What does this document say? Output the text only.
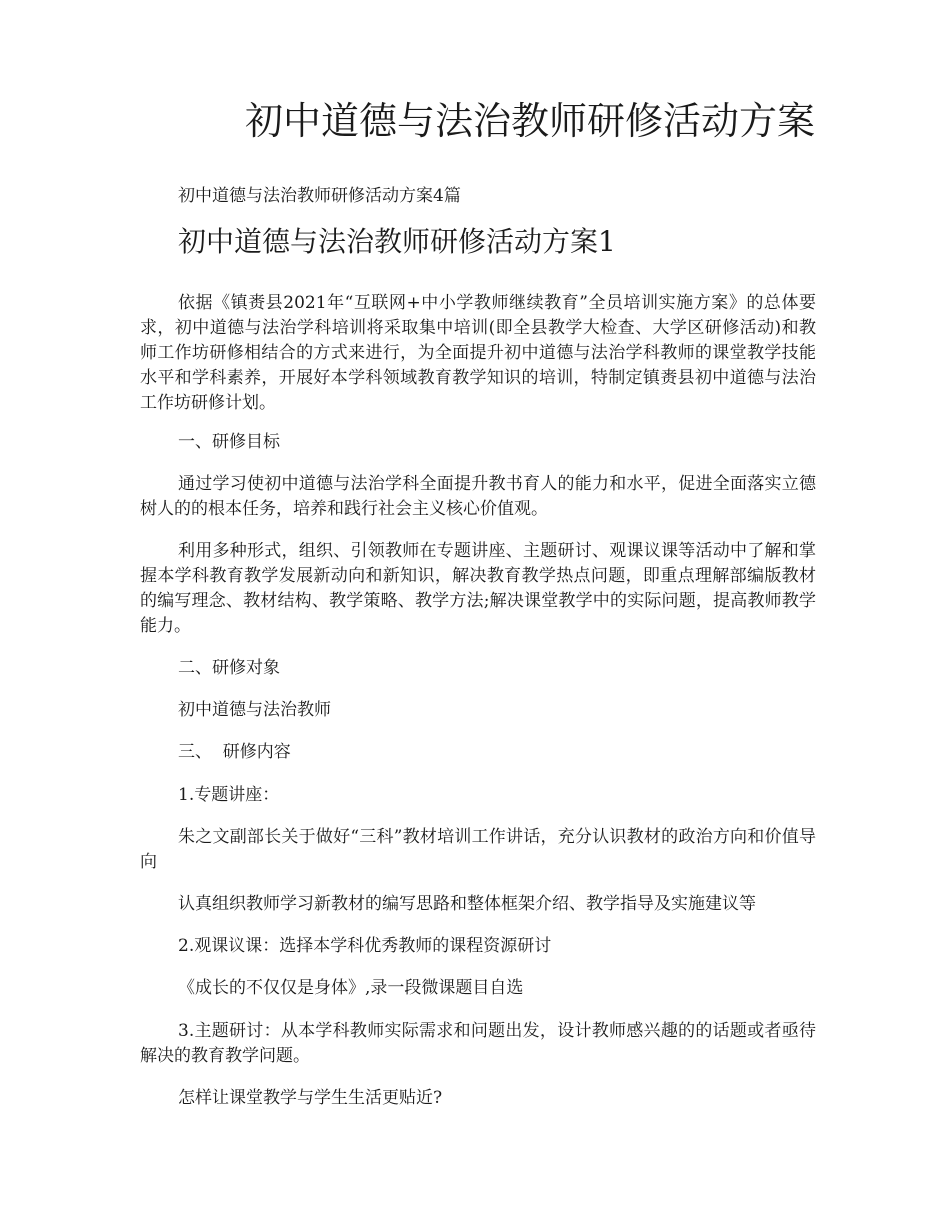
初中道德与法治教师研修活动方案

初中道德与法治教师研修活动方案4篇

初中道德与法治教师研修活动方案1

依据《镇赉县2021年“互联网+中小学教师继续教育”全员培训实施方案》的总体要求，初中道德与法治学科培训将采取集中培训(即全县教学大检查、大学区研修活动)和教师工作坊研修相结合的方式来进行，为全面提升初中道德与法治学科教师的课堂教学技能水平和学科素养，开展好本学科领域教育教学知识的培训，特制定镇赉县初中道德与法治工作坊研修计划。

一、研修目标

通过学习使初中道德与法治学科全面提升教书育人的能力和水平，促进全面落实立德树人的的根本任务，培养和践行社会主义核心价值观。

利用多种形式，组织、引领教师在专题讲座、主题研讨、观课议课等活动中了解和掌握本学科教育教学发展新动向和新知识，解决教育教学热点问题，即重点理解部编版教材的编写理念、教材结构、教学策略、教学方法;解决课堂教学中的实际问题，提高教师教学能力。

二、研修对象

初中道德与法治教师

三、  研修内容

1.专题讲座：

朱之文副部长关于做好“三科”教材培训工作讲话，充分认识教材的政治方向和价值导向

认真组织教师学习新教材的编写思路和整体框架介绍、教学指导及实施建议等

2.观课议课：选择本学科优秀教师的课程资源研讨

《成长的不仅仅是身体》,录一段微课题目自选

3.主题研讨：从本学科教师实际需求和问题出发，设计教师感兴趣的的话题或者亟待解决的教育教学问题。

怎样让课堂教学与学生生活更贴近?
